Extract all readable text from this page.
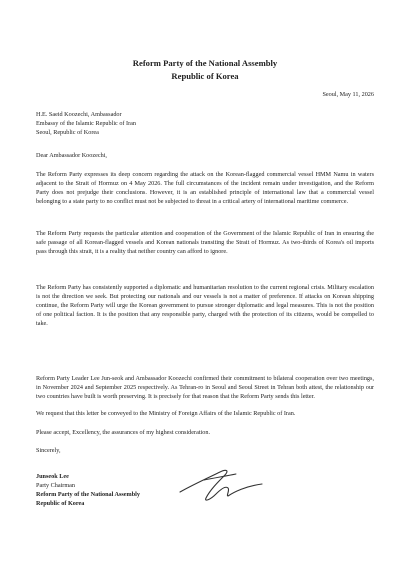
Reform Party of the National Assembly
Republic of Korea
Seoul, May 11, 2026
H.E. Saeid Koozechi, Ambassador
Embassy of the Islamic Republic of Iran
Seoul, Republic of Korea
Dear Ambassador Koozechi,

The Reform Party expresses its deep concern regarding the attack on the Korean-flagged commercial vessel HMM Namu in waters adjacent to the Strait of Hormuz on 4 May 2026. The full circumstances of the incident remain under investigation, and the Reform Party does not prejudge their conclusions. However, it is an established principle of international law that a commercial vessel belonging to a state party to no conflict must not be subjected to threat in a critical artery of international maritime commerce.

The Reform Party requests the particular attention and cooperation of the Government of the Islamic Republic of Iran in ensuring the safe passage of all Korean-flagged vessels and Korean nationals transiting the Strait of Hormuz. As two-thirds of Korea's oil imports pass through this strait, it is a reality that neither country can afford to ignore.

The Reform Party has consistently supported a diplomatic and humanitarian resolution to the current regional crisis. Military escalation is not the direction we seek. But protecting our nationals and our vessels is not a matter of preference. If attacks on Korean shipping continue, the Reform Party will urge the Korean government to pursue stronger diplomatic and legal measures. This is not the position of one political faction. It is the position that any responsible party, charged with the protection of its citizens, would be compelled to take.

Reform Party Leader Lee Jun-seok and Ambassador Koozechi confirmed their commitment to bilateral cooperation over two meetings, in November 2024 and September 2025 respectively. As Tehran-ro in Seoul and Seoul Street in Tehran both attest, the relationship our two countries have built is worth preserving. It is precisely for that reason that the Reform Party sends this letter.

We request that this letter be conveyed to the Ministry of Foreign Affairs of the Islamic Republic of Iran.

Please accept, Excellency, the assurances of my highest consideration.

Sincerely,

Junseok Lee
Party Chairman
Reform Party of the National Assembly
Republic of Korea
